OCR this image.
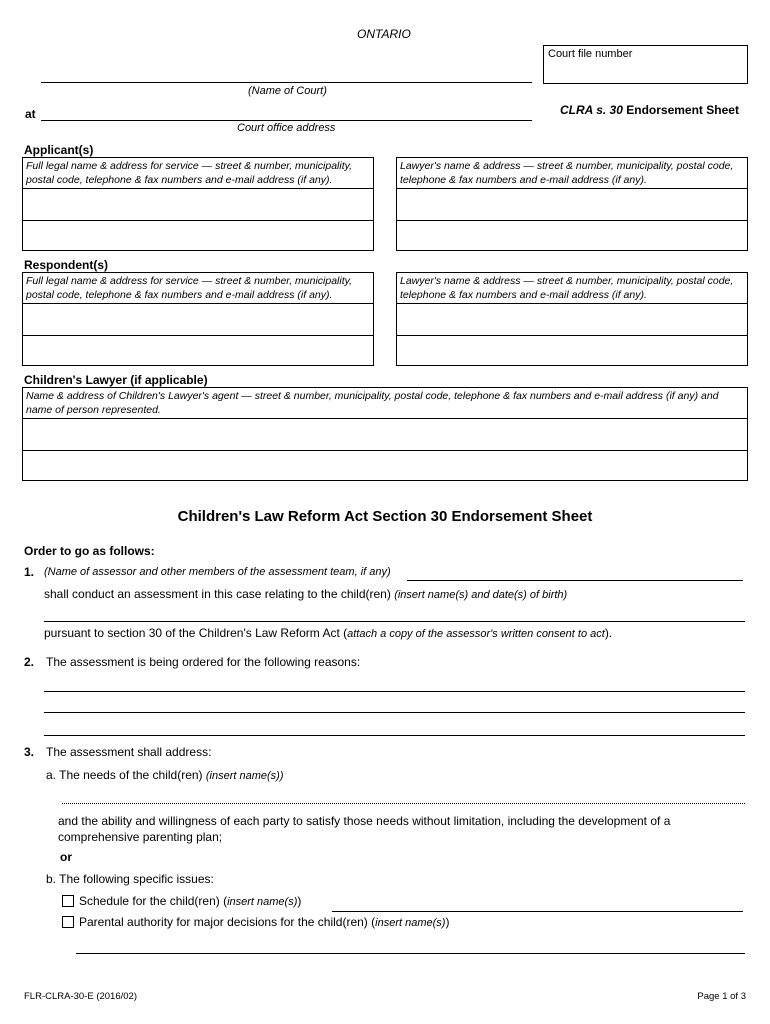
ONTARIO
Court file number
(Name of Court)
at
Court office address
CLRA s. 30 Endorsement Sheet
Applicant(s)
Full legal name & address for service — street & number, municipality, postal code, telephone & fax numbers and e-mail address (if any).
Lawyer's name & address — street & number, municipality, postal code, telephone & fax numbers and e-mail address (if any).
Respondent(s)
Full legal name & address for service — street & number, municipality, postal code, telephone & fax numbers and e-mail address (if any).
Lawyer's name & address — street & number, municipality, postal code, telephone & fax numbers and e-mail address (if any).
Children's Lawyer (if applicable)
Name & address of Children's Lawyer's agent — street & number, municipality, postal code, telephone & fax numbers and e-mail address (if any) and name of person represented.
Children's Law Reform Act Section 30 Endorsement Sheet
Order to go as follows:
1. (Name of assessor and other members of the assessment team, if any)
shall conduct an assessment in this case relating to the child(ren) (insert name(s) and date(s) of birth)
pursuant to section 30 of the Children's Law Reform Act (attach a copy of the assessor's written consent to act).
2. The assessment is being ordered for the following reasons:
3. The assessment shall address:
a. The needs of the child(ren) (insert name(s))
and the ability and willingness of each party to satisfy those needs without limitation, including the development of a comprehensive parenting plan;
or
b. The following specific issues:
Schedule for the child(ren) (insert name(s))
Parental authority for major decisions for the child(ren) (insert name(s))
FLR-CLRA-30-E (2016/02)	Page 1 of 3
